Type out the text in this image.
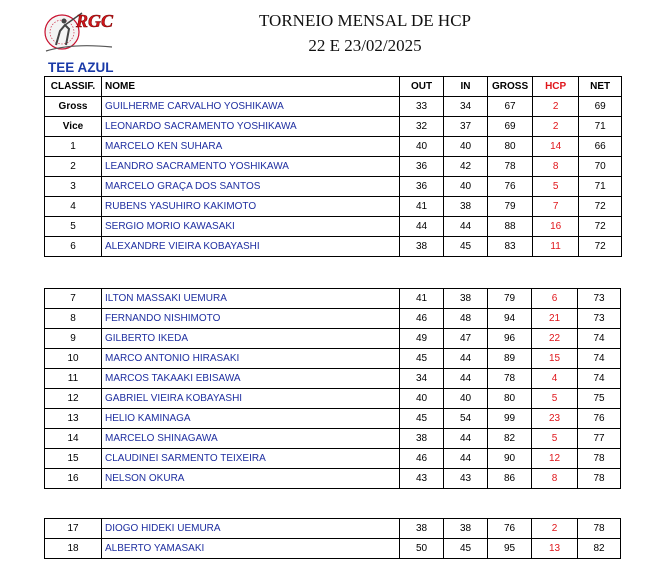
RGC	TORNEIO MENSAL DE HCP
22 E 23/02/2025
TEE AZUL
CLASSIF.	NOME	OUT	IN	GROSS	HCP	NET
Gross	GUILHERME CARVALHO YOSHIKAWA	33	34	67	2	69
Vice	LEONARDO SACRAMENTO YOSHIKAWA	32	37	69	2	71
1	MARCELO KEN SUHARA	40	40	80	14	66
2	LEANDRO SACRAMENTO YOSHIKAWA	36	42	78	8	70
3	MARCELO GRAÇA DOS SANTOS	36	40	76	5	71
4	RUBENS YASUHIRO KAKIMOTO	41	38	79	7	72
5	SERGIO MORIO KAWASAKI	44	44	88	16	72
6	ALEXANDRE VIEIRA KOBAYASHI	38	45	83	11	72
7	ILTON MASSAKI UEMURA	41	38	79	6	73
8	FERNANDO NISHIMOTO	46	48	94	21	73
9	GILBERTO IKEDA	49	47	96	22	74
10	MARCO ANTONIO HIRASAKI	45	44	89	15	74
11	MARCOS TAKAAKI EBISAWA	34	44	78	4	74
12	GABRIEL VIEIRA KOBAYASHI	40	40	80	5	75
13	HELIO KAMINAGA	45	54	99	23	76
14	MARCELO SHINAGAWA	38	44	82	5	77
15	CLAUDINEI SARMENTO TEIXEIRA	46	44	90	12	78
16	NELSON OKURA	43	43	86	8	78
17	DIOGO HIDEKI UEMURA	38	38	76	2	78
18	ALBERTO YAMASAKI	50	45	95	13	82
